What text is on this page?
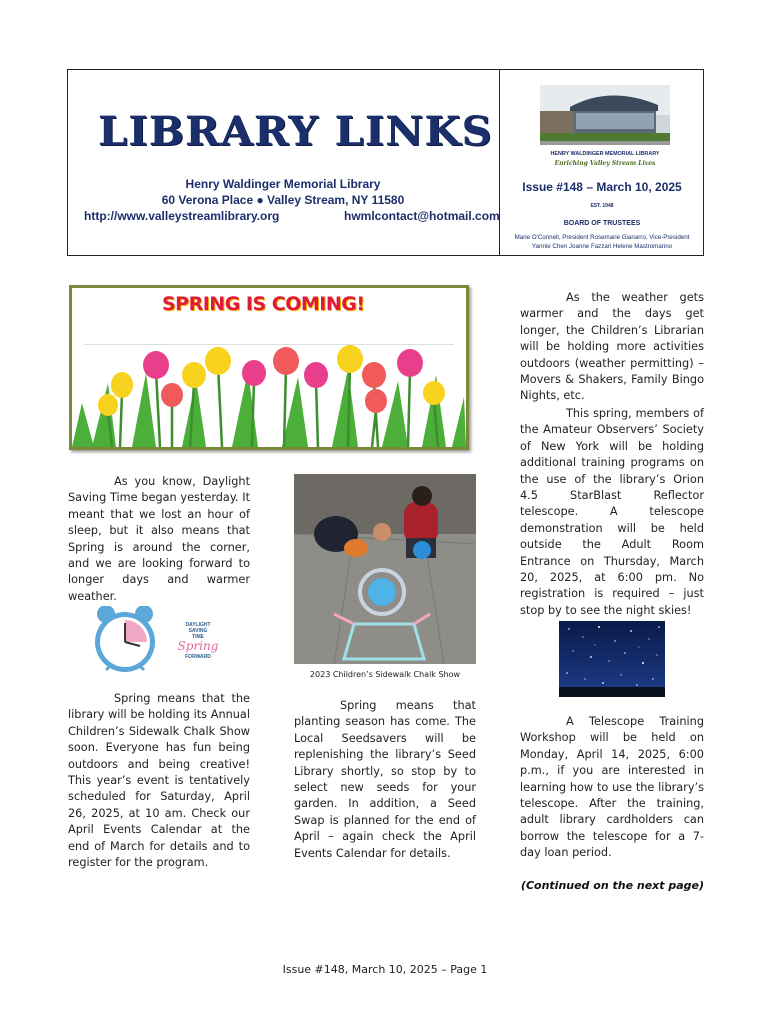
LIBRARY LINKS
Henry Waldinger Memorial Library
60 Verona Place ● Valley Stream, NY 11580
http://www.valleystreamlibrary.org	hwmlcontact@hotmail.com
HENRY WALDINGER MEMORIAL LIBRARY
Enriching Valley Stream Lives
Issue #148 – March 10, 2025
EST. 1948
BOARD OF TRUSTEES
Marie O'Connell, President Rosemarie Gianarro, Vice-President
Yannie Chen Joanne Fazzari Helene Mastromarino
SPRING IS COMING!
As you know, Daylight Saving Time began yesterday. It meant that we lost an hour of sleep, but it also means that Spring is around the corner, and we are looking forward to longer days and warmer weather.
DAYLIGHT
SAVING
TIME
Spring
FORWARD
Spring means that the library will be holding its Annual Children’s Sidewalk Chalk Show soon. Everyone has fun being outdoors and being creative! This year’s event is tentatively scheduled for Saturday, April 26, 2025, at 10 am. Check our April Events Calendar at the end of March for details and to register for the program.
2023 Children’s Sidewalk Chalk Show
Spring means that planting season has come. The Local Seedsavers will be replenishing the library’s Seed Library shortly, so stop by to select new seeds for your garden. In addition, a Seed Swap is planned for the end of April – again check the April Events Calendar for details.
As the weather gets warmer and the days get longer, the Children’s Librarian will be holding more activities outdoors (weather permitting) – Movers & Shakers, Family Bingo Nights, etc.
This spring, members of the Amateur Observers’ Society of New York will be holding additional training programs on the use of the library’s Orion 4.5 StarBlast Reflector telescope. A telescope demonstration will be held outside the Adult Room Entrance on Thursday, March 20, 2025, at 6:00 pm. No registration is required – just stop by to see the night skies!
A Telescope Training Workshop will be held on Monday, April 14, 2025, 6:00 p.m., if you are interested in learning how to use the library’s telescope. After the training, adult library cardholders can borrow the telescope for a 7-day loan period.
(Continued on the next page)
Issue #148, March 10, 2025 – Page 1
